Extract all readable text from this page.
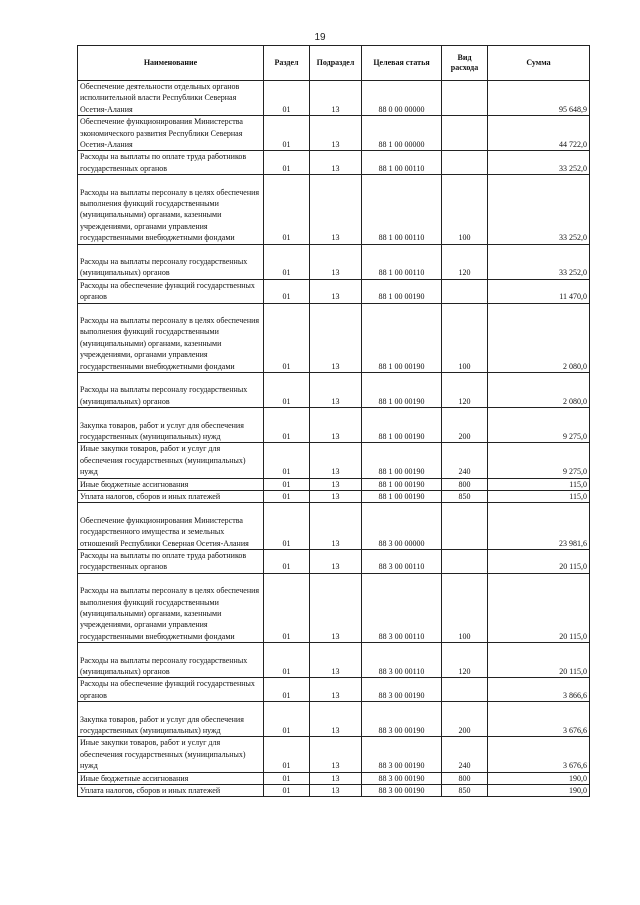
19
Наименование	Раздел	Подраздел	Целевая статья	Вид расхода	Сумма
Обеспечение деятельности отдельных органов исполнительной власти Республики Северная Осетия-Алания	01	13	88 0 00 00000		95 648,9
Обеспечение функционирования Министерства экономического развития Республики Северная Осетия-Алания	01	13	88 1 00 00000		44 722,0
Расходы на выплаты по оплате труда работников государственных органов	01	13	88 1 00 00110		33 252,0
Расходы на выплаты персоналу в целях обеспечения выполнения функций государственными (муниципальными) органами, казенными учреждениями, органами управления государственными внебюджетными фондами	01	13	88 1 00 00110	100	33 252,0
Расходы на выплаты персоналу государственных (муниципальных) органов	01	13	88 1 00 00110	120	33 252,0
Расходы на обеспечение функций государственных органов	01	13	88 1 00 00190		11 470,0
Расходы на выплаты персоналу в целях обеспечения выполнения функций государственными (муниципальными) органами, казенными учреждениями, органами управления государственными внебюджетными фондами	01	13	88 1 00 00190	100	2 080,0
Расходы на выплаты персоналу государственных (муниципальных) органов	01	13	88 1 00 00190	120	2 080,0
Закупка товаров, работ и услуг для обеспечения государственных (муниципальных) нужд	01	13	88 1 00 00190	200	9 275,0
Иные закупки товаров, работ и услуг для обеспечения государственных (муниципальных) нужд	01	13	88 1 00 00190	240	9 275,0
Иные бюджетные ассигнования	01	13	88 1 00 00190	800	115,0
Уплата налогов, сборов и иных платежей	01	13	88 1 00 00190	850	115,0
Обеспечение функционирования Министерства государственного имущества и земельных отношений Республики Северная Осетия-Алания	01	13	88 3 00 00000		23 981,6
Расходы на выплаты по оплате труда работников государственных органов	01	13	88 3 00 00110		20 115,0
Расходы на выплаты персоналу в целях обеспечения выполнения функций государственными (муниципальными) органами, казенными учреждениями, органами управления государственными внебюджетными фондами	01	13	88 3 00 00110	100	20 115,0
Расходы на выплаты персоналу государственных (муниципальных) органов	01	13	88 3 00 00110	120	20 115,0
Расходы на обеспечение функций государственных органов	01	13	88 3 00 00190		3 866,6
Закупка товаров, работ и услуг для обеспечения государственных (муниципальных) нужд	01	13	88 3 00 00190	200	3 676,6
Иные закупки товаров, работ и услуг для обеспечения государственных (муниципальных) нужд	01	13	88 3 00 00190	240	3 676,6
Иные бюджетные ассигнования	01	13	88 3 00 00190	800	190,0
Уплата налогов, сборов и иных платежей	01	13	88 3 00 00190	850	190,0
